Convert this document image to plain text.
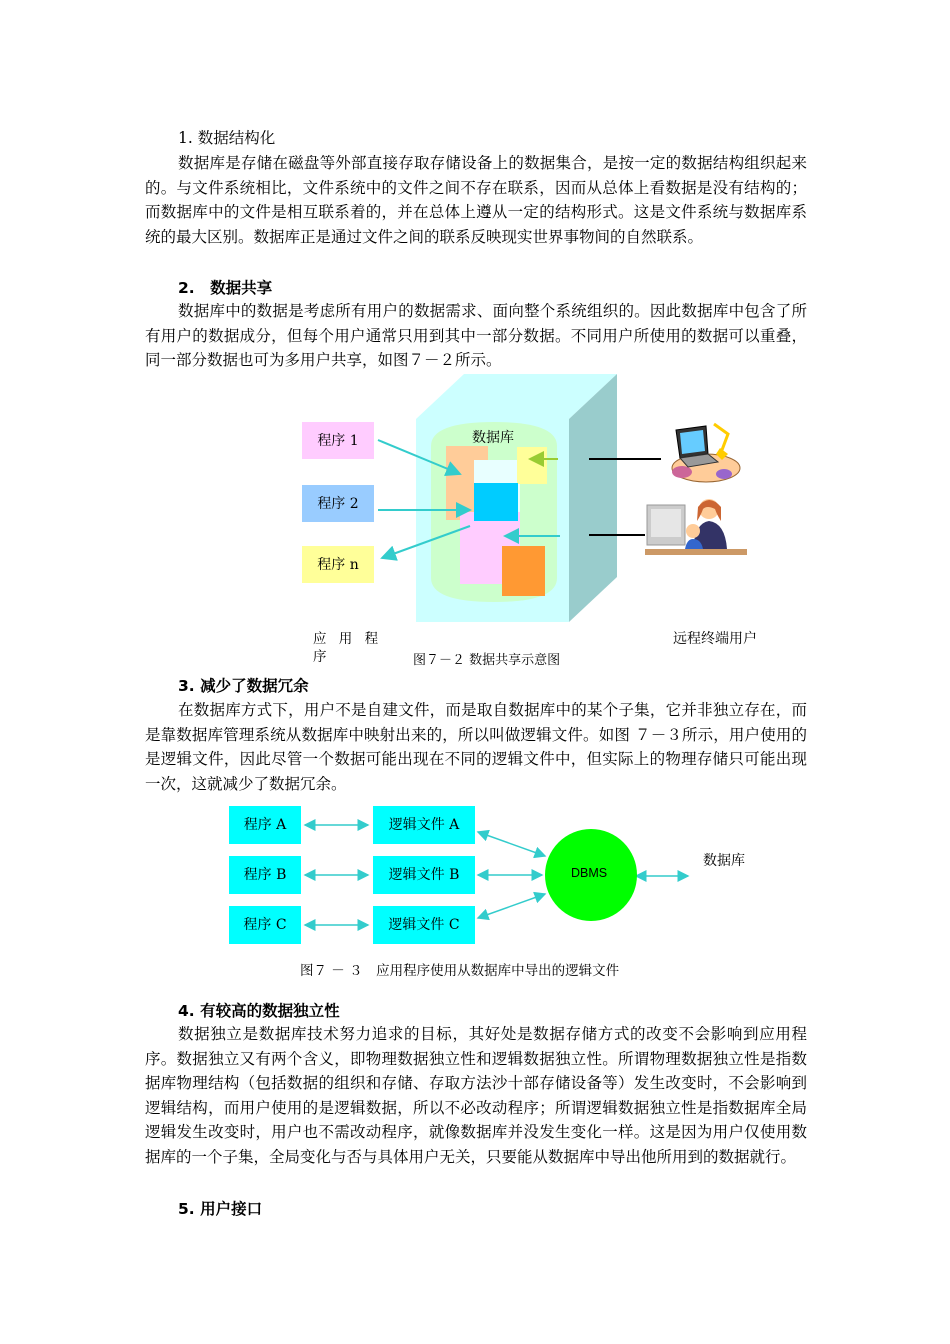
1. 数据结构化

数据库是存储在磁盘等外部直接存取存储设备上的数据集合，是按一定的数据结构组织起来的。与文件系统相比，文件系统中的文件之间不存在联系，因而从总体上看数据是没有结构的；而数据库中的文件是相互联系着的，并在总体上遵从一定的结构形式。这是文件系统与数据库系统的最大区别。数据库正是通过文件之间的联系反映现实世界事物间的自然联系。

2.　数据共享

数据库中的数据是考虑所有用户的数据需求、面向整个系统组织的。因此数据库中包含了所有用户的数据成分，但每个用户通常只用到其中一部分数据。不同用户所使用的数据可以重叠，同一部分数据也可为多用户共享，如图７－２所示。

程序 1
程序 2
程序 n
数据库
应 用 程 序
远程终端用户
图７－２ 数据共享示意图

3. 减少了数据冗余

在数据库方式下，用户不是自建文件，而是取自数据库中的某个子集，它并非独立存在，而是靠数据库管理系统从数据库中映射出来的，所以叫做逻辑文件。如图 ７－３所示，用户使用的是逻辑文件，因此尽管一个数据可能出现在不同的逻辑文件中，但实际上的物理存储只可能出现一次，这就减少了数据冗余。

程序 A
程序 B
程序 C
逻辑文件 A
逻辑文件 B
逻辑文件 C
DBMS
数据库
图７ － ３　应用程序使用从数据库中导出的逻辑文件

4. 有较高的数据独立性

数据独立是数据库技术努力追求的目标，其好处是数据存储方式的改变不会影响到应用程序。数据独立又有两个含义，即物理数据独立性和逻辑数据独立性。所谓物理数据独立性是指数据库物理结构（包括数据的组织和存储、存取方法沙十部存储设备等）发生改变时，不会影响到逻辑结构，而用户使用的是逻辑数据，所以不必改动程序；所谓逻辑数据独立性是指数据库全局逻辑发生改变时，用户也不需改动程序，就像数据库并没发生变化一样。这是因为用户仅使用数据库的一个子集，全局变化与否与具体用户无关，只要能从数据库中导出他所用到的数据就行。

5. 用户接口
